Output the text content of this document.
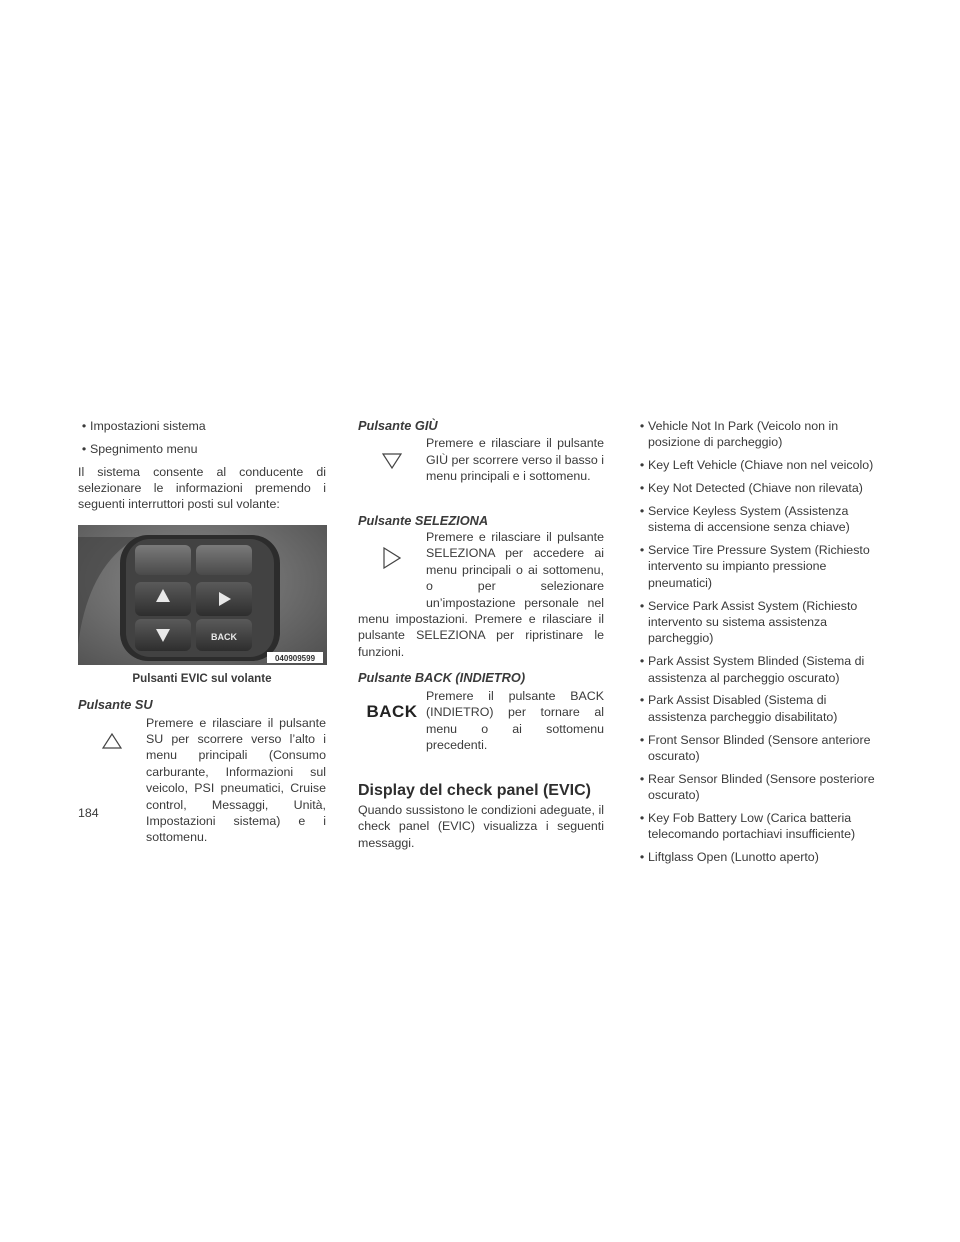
• Impostazioni sistema
• Spegnimento menu

Il sistema consente al conducente di selezionare le informazioni premendo i seguenti interruttori posti sul volante:

BACK
040909599
Pulsanti EVIC sul volante
Pulsante SU
Premere e rilasciare il pulsante SU per scorrere verso l’alto i menu principali (Consumo carburante, Informazioni sul veicolo, PSI pneumatici, Cruise control, Messaggi, Unità, Impostazioni sistema) e i sottomenu.
Pulsante GIÙ
Premere e rilasciare il pulsante GIÙ per scorrere verso il basso i menu principali e i sottomenu.
Pulsante SELEZIONA
Premere e rilasciare il pulsante SELEZIONA per accedere ai menu principali o ai sottomenu, o per selezionare un’impostazione personale nel menu impostazioni. Premere e rilasciare il pulsante SELEZIONA per ripristinare le funzioni.
Pulsante BACK (INDIETRO)
BACK
Premere il pulsante BACK (INDIETRO) per tornare al menu o ai sottomenu precedenti.
Display del check panel (EVIC)

Quando sussistono le condizioni adeguate, il check panel (EVIC) visualizza i seguenti messaggi.

• Vehicle Not In Park (Veicolo non in posizione di parcheggio)
• Key Left Vehicle (Chiave non nel veicolo)
• Key Not Detected (Chiave non rilevata)
• Service Keyless System (Assistenza sistema di accensione senza chiave)
• Service Tire Pressure System (Richiesto intervento su impianto pressione pneumatici)
• Service Park Assist System (Richiesto intervento su sistema assistenza parcheggio)
• Park Assist System Blinded (Sistema di assistenza al parcheggio oscurato)
• Park Assist Disabled (Sistema di assistenza parcheggio disabilitato)
• Front Sensor Blinded (Sensore anteriore oscurato)
• Rear Sensor Blinded (Sensore posteriore oscurato)
• Key Fob Battery Low (Carica batteria telecomando portachiavi insufficiente)
• Liftglass Open (Lunotto aperto)
184
